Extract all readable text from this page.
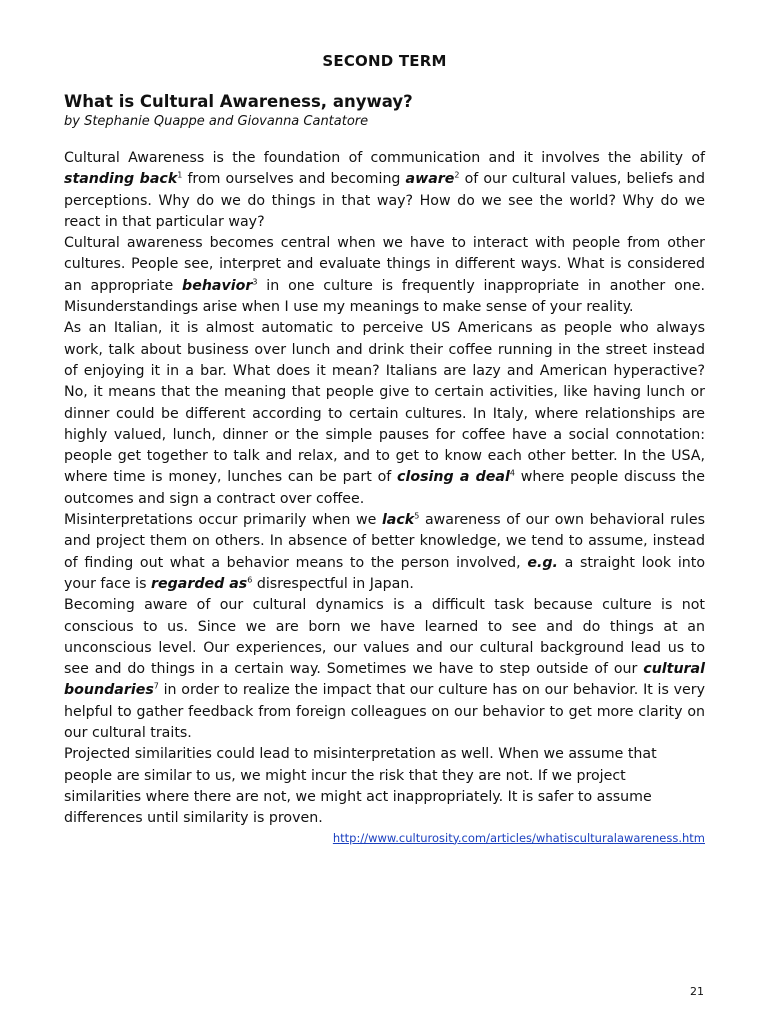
SECOND TERM
What is Cultural Awareness, anyway?
by Stephanie Quappe and Giovanna Cantatore

Cultural Awareness is the foundation of communication and it involves the ability of standing back$^1$ from ourselves and becoming aware$^2$ of our cultural values, beliefs and perceptions. Why do we do things in that way? How do we see the world? Why do we react in that particular way?

Cultural awareness becomes central when we have to interact with people from other cultures. People see, interpret and evaluate things in different ways. What is considered an appropriate behavior$^3$ in one culture is frequently inappropriate in another one. Misunderstandings arise when I use my meanings to make sense of your reality.

As an Italian, it is almost automatic to perceive US Americans as people who always work, talk about business over lunch and drink their coffee running in the street instead of enjoying it in a bar. What does it mean? Italians are lazy and American hyperactive? No, it means that the meaning that people give to certain activities, like having lunch or dinner could be different according to certain cultures. In Italy, where relationships are highly valued, lunch, dinner or the simple pauses for coffee have a social connotation: people get together to talk and relax, and to get to know each other better. In the USA, where time is money, lunches can be part of closing a deal$^4$ where people discuss the outcomes and sign a contract over coffee.

Misinterpretations occur primarily when we lack$^5$ awareness of our own behavioral rules and project them on others. In absence of better knowledge, we tend to assume, instead of finding out what a behavior means to the person involved, e.g. a straight look into your face is regarded $as^6$ disrespectful in Japan.

Becoming aware of our cultural dynamics is a difficult task because culture is not conscious to us. Since we are born we have learned to see and do things at an unconscious level. Our experiences, our values and our cultural background lead us to see and do things in a certain way. Sometimes we have to step outside of our cultural boundaries$^7$ in order to realize the impact that our culture has on our behavior. It is very helpful to gather feedback from foreign colleagues on our behavior to get more clarity on our cultural traits.

Projected similarities could lead to misinterpretation as well. When we assume that people are similar to us, we might incur the risk that they are not. If we project similarities where there are not, we might act inappropriately. It is safer to assume differences until similarity is proven.

http://www.culturosity.com/articles/whatisculturalawareness.htm
21
